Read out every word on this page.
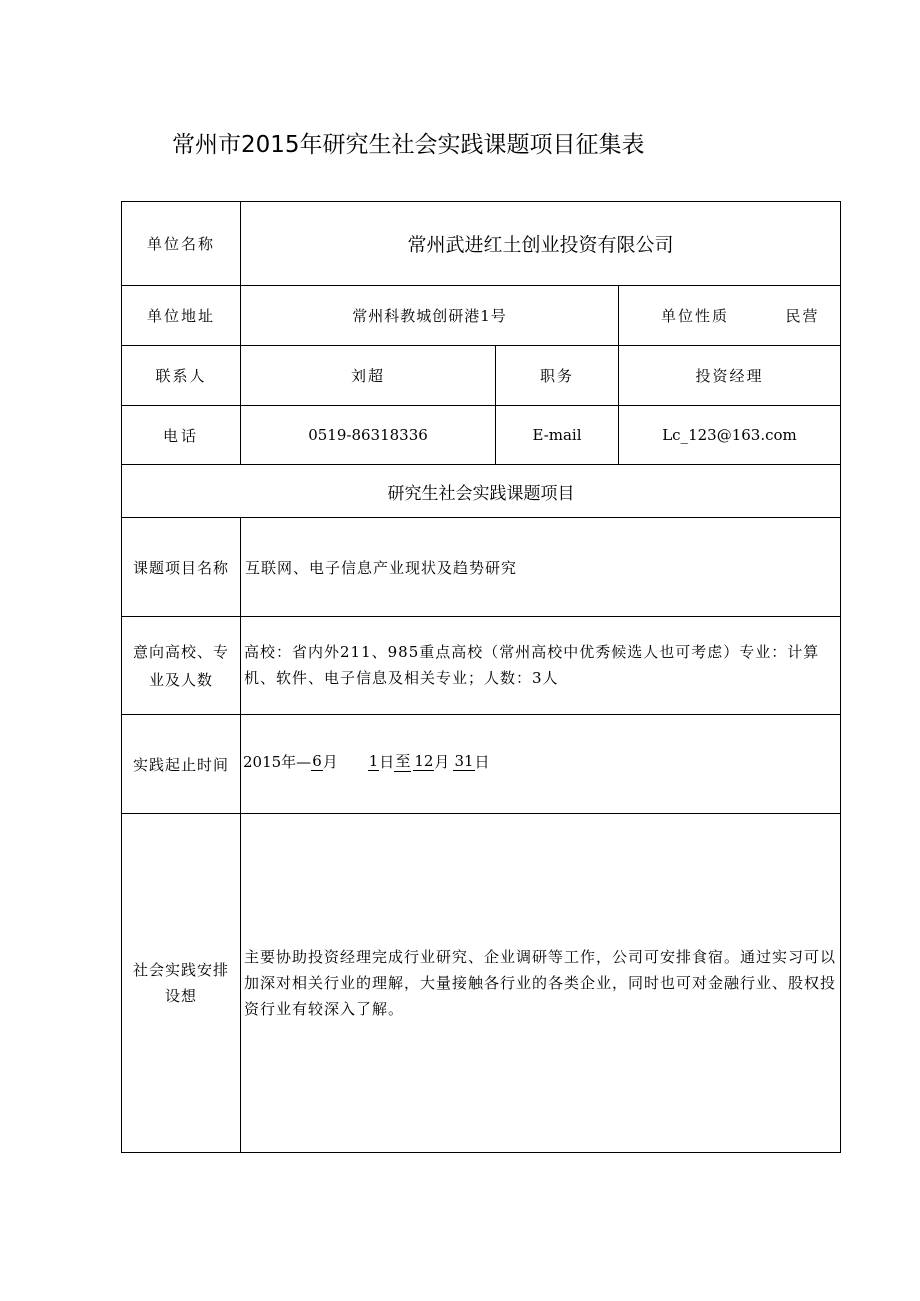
常州市2015年研究生社会实践课题项目征集表
单位名称	常州武进红土创业投资有限公司
单位地址	常州科教城创研港1号	单位性质	民营
联系人	刘超	职务	投资经理
电话	0519-86318336	E-mail	Lc_123@163.com
研究生社会实践课题项目
课题项目名称	互联网、电子信息产业现状及趋势研究
意向高校、专
业及人数
高校：省内外211、985重点高校（常州高校中优秀候选人也可考虑）专业：计算机、软件、电子信息及相关专业；人数：3人
实践起止时间 2015年— 6 月 1 日 至 12 月 31 日
社会实践安排
设想
主要协助投资经理完成行业研究、企业调研等工作，公司可安排食宿。通过实习可以加深对相关行业的理解，大量接触各行业的各类企业，同时也可对金融行业、股权投资行业有较深入了解。
